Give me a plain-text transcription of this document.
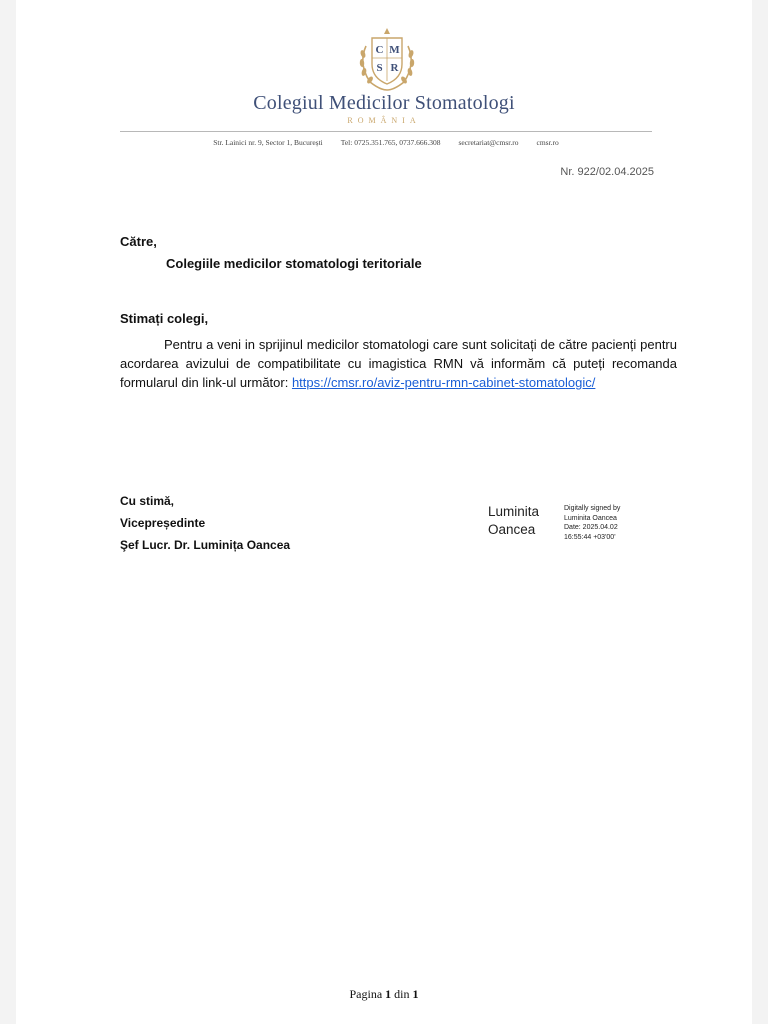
C M
S R
Colegiul Medicilor Stomatologi
ROMÂNIA
Str. Lainici nr. 9, Sector 1, București Tel: 0725.351.765, 0737.666.308 secretariat@cmsr.ro cmsr.ro
Nr. 922/02.04.2025
Către,
Colegiile medicilor stomatologi teritoriale
Stimați colegi,
Pentru a veni in sprijinul medicilor stomatologi care sunt solicitați de către pacienți pentru acordarea avizului de compatibilitate cu imagistica RMN vă informăm că puteți recomanda formularul din link-ul următor: https://cmsr.ro/aviz-pentru-rmn-cabinet-stomatologic/
Cu stimă,
Vicepreședinte
Şef Lucr. Dr. Luminița Oancea
Luminita
Oancea
Digitally signed by
Luminita Oancea
Date: 2025.04.02
16:55:44 +03'00'
Pagina 1 din 1
